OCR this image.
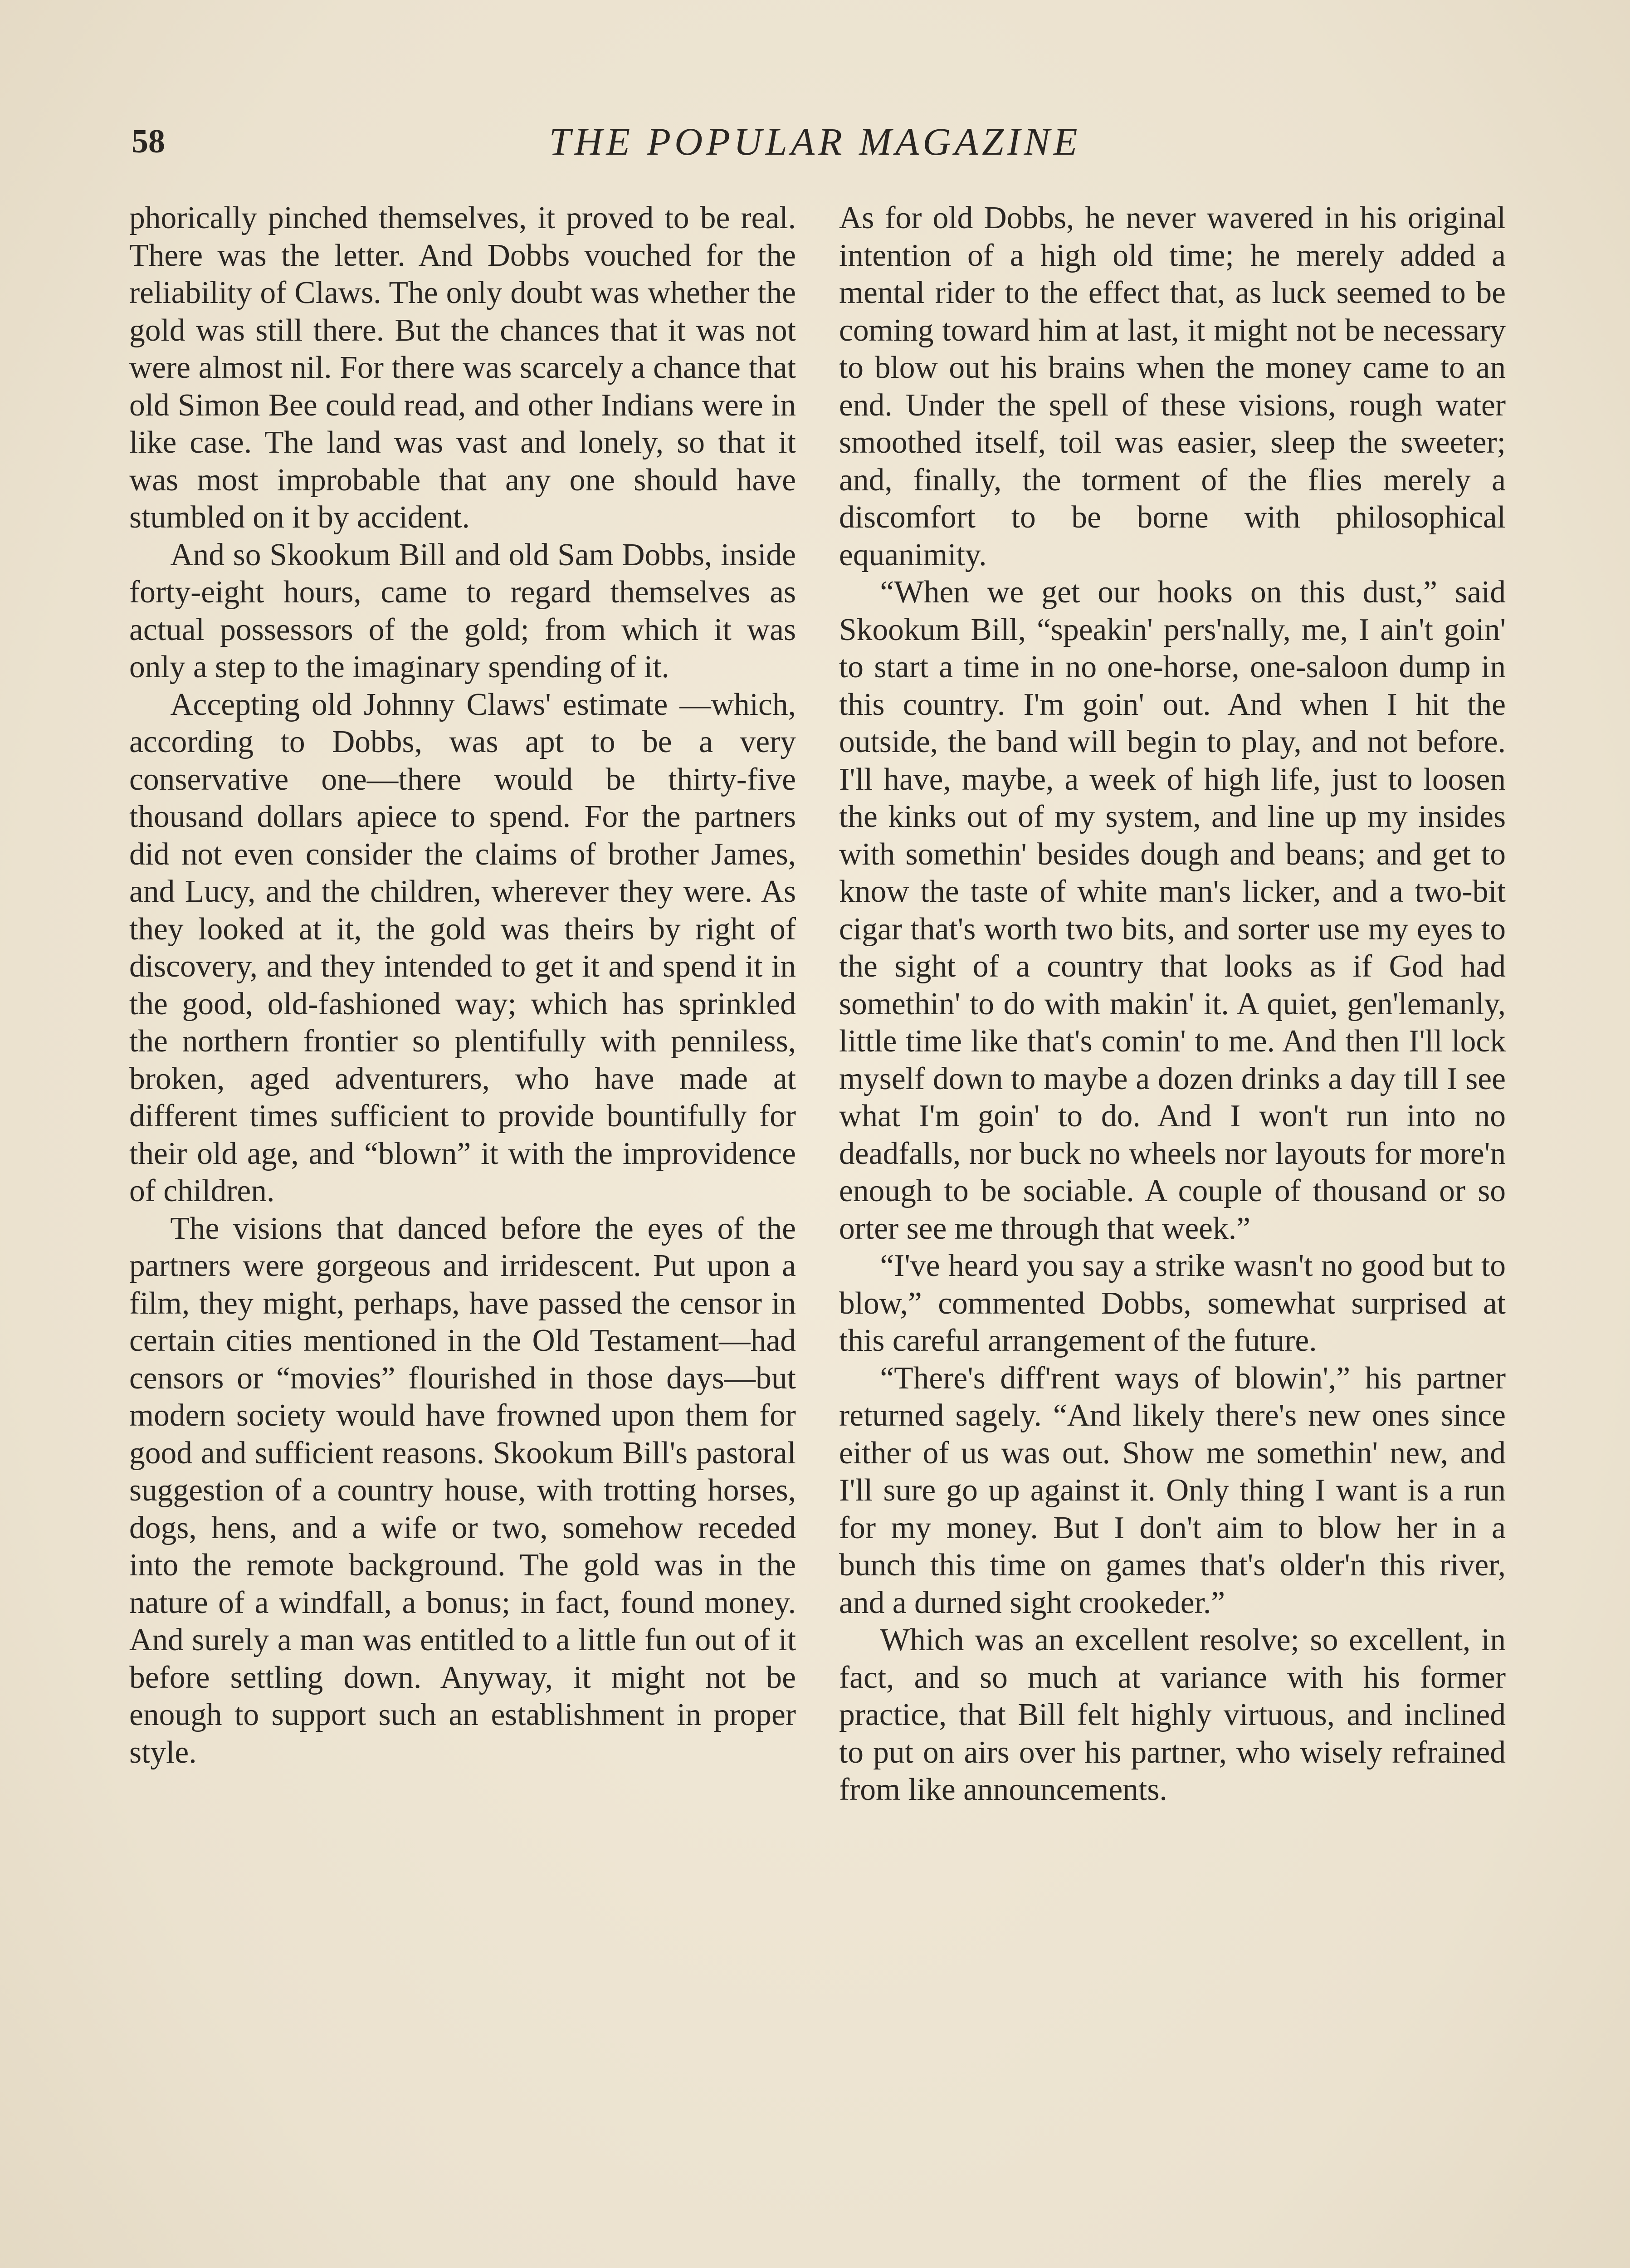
58	THE POPULAR MAGAZINE

phorically pinched themselves, it proved to be real. There was the letter. And Dobbs vouched for the reliability of Claws. The only doubt was whether the gold was still there. But the chances that it was not were almost nil. For there was scarcely a chance that old Simon Bee could read, and other Indians were in like case. The land was vast and lonely, so that it was most improbable that any one should have stumbled on it by accident.

And so Skookum Bill and old Sam Dobbs, inside forty-eight hours, came to regard themselves as actual possessors of the gold; from which it was only a step to the imaginary spending of it.

Accepting old Johnny Claws' estimate —which, according to Dobbs, was apt to be a very conservative one—there would be thirty-five thousand dollars apiece to spend. For the partners did not even consider the claims of brother James, and Lucy, and the children, wherever they were. As they looked at it, the gold was theirs by right of discovery, and they intended to get it and spend it in the good, old-fashioned way; which has sprinkled the northern frontier so plentifully with penniless, broken, aged adventurers, who have made at different times sufficient to provide bountifully for their old age, and “blown” it with the improvidence of children.

The visions that danced before the eyes of the partners were gorgeous and irridescent. Put upon a film, they might, perhaps, have passed the censor in certain cities mentioned in the Old Testament—had censors or “movies” flourished in those days—but modern society would have frowned upon them for good and sufficient reasons. Skookum Bill's pastoral suggestion of a country house, with trotting horses, dogs, hens, and a wife or two, somehow receded into the remote background. The gold was in the nature of a windfall, a bonus; in fact, found money. And surely a man was entitled to a little fun out of it before settling down. Anyway, it might not be enough to support such an establishment in proper style.

As for old Dobbs, he never wavered in his original intention of a high old time; he merely added a mental rider to the effect that, as luck seemed to be coming toward him at last, it might not be necessary to blow out his brains when the money came to an end. Under the spell of these visions, rough water smoothed itself, toil was easier, sleep the sweeter; and, finally, the torment of the flies merely a discomfort to be borne with philosophical equanimity.

“When we get our hooks on this dust,” said Skookum Bill, “speakin' pers'nally, me, I ain't goin' to start a time in no one-horse, one-saloon dump in this country. I'm goin' out. And when I hit the outside, the band will begin to play, and not before. I'll have, maybe, a week of high life, just to loosen the kinks out of my system, and line up my insides with somethin' besides dough and beans; and get to know the taste of white man's licker, and a two-bit cigar that's worth two bits, and sorter use my eyes to the sight of a country that looks as if God had somethin' to do with makin' it. A quiet, gen'lemanly, little time like that's comin' to me. And then I'll lock myself down to maybe a dozen drinks a day till I see what I'm goin' to do. And I won't run into no deadfalls, nor buck no wheels nor layouts for more'n enough to be sociable. A couple of thousand or so orter see me through that week.”

“I've heard you say a strike wasn't no good but to blow,” commented Dobbs, somewhat surprised at this careful arrangement of the future.

“There's diff'rent ways of blowin',” his partner returned sagely. “And likely there's new ones since either of us was out. Show me somethin' new, and I'll sure go up against it. Only thing I want is a run for my money. But I don't aim to blow her in a bunch this time on games that's older'n this river, and a durned sight crookeder.”

Which was an excellent resolve; so excellent, in fact, and so much at variance with his former practice, that Bill felt highly virtuous, and inclined to put on airs over his partner, who wisely refrained from like announcements.
